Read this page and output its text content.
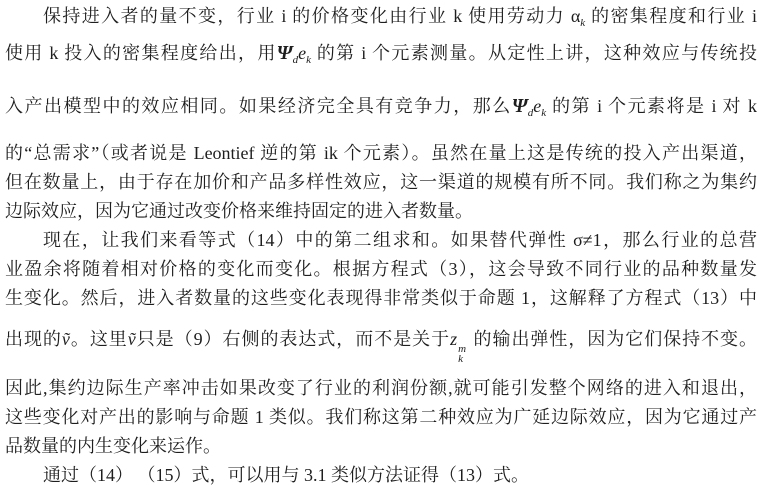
保持进入者的量不变，行业 i 的价格变化由行业 k 使用劳动力 $\alpha_k$ 的密集程度和行业 i
使用 k 投入的密集程度给出，用$\Psi_de_k$ 的第 i 个元素测量。从定性上讲，这种效应与传统投
入产出模型中的效应相同。如果经济完全具有竞争力，那么$\Psi_de_k$ 的第 i 个元素将是 i 对 k
的“总需求”（或者说是 Leontief 逆的第 ik 个元素）。虽然在量上这是传统的投入产出渠道，
但在数量上，由于存在加价和产品多样性效应，这一渠道的规模有所不同。我们称之为集约
边际效应，因为它通过改变价格来维持固定的进入者数量。
现在，让我们来看等式（14）中的第二组求和。如果替代弹性 σ≠1，那么行业的总营
业盈余将随着相对价格的变化而变化。根据方程式（3），这会导致不同行业的品种数量发
生变化。然后，进入者数量的这些变化表现得非常类似于命题 1，这解释了方程式（13）中
出现的ṽ。这里ṽ只是（9）右侧的表达式，而不是关于z m
k
的输出弹性，因为它们保持不变。
因此,集约边际生产率冲击如果改变了行业的利润份额,就可能引发整个网络的进入和退出，
这些变化对产出的影响与命题 1 类似。我们称这第二种效应为广延边际效应，因为它通过产
品数量的内生变化来运作。
通过（14） （15）式，可以用与 3.1 类似方法证得（13）式。
